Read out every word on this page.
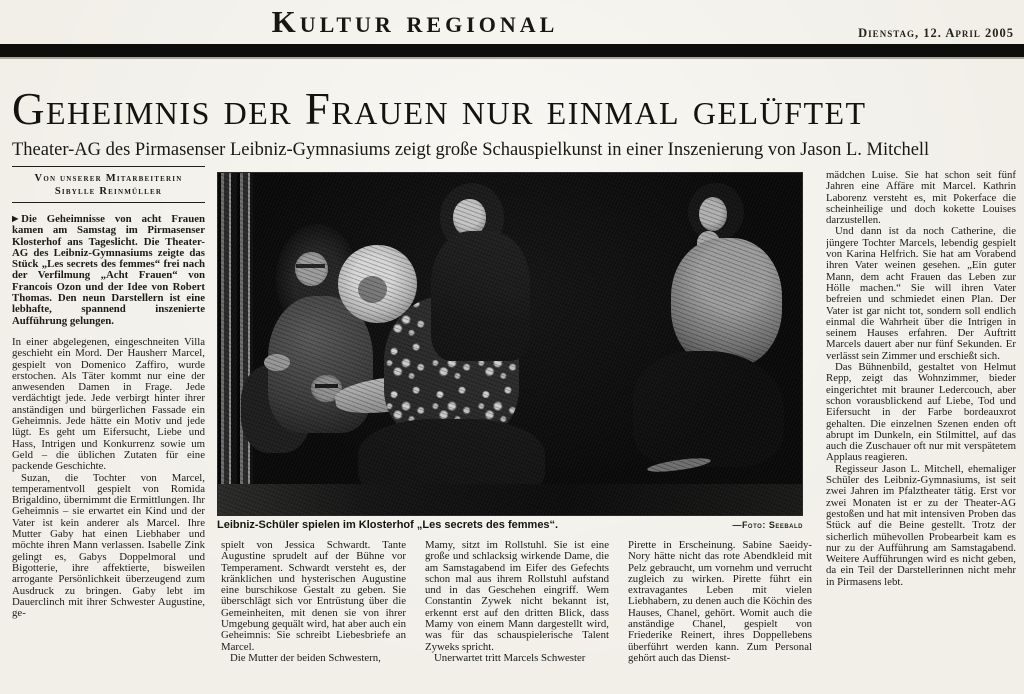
Kultur regional	Dienstag, 12. April 2005
Geheimnis der Frauen nur einmal gelüftet
Theater-AG des Pirmasenser Leibniz-Gymnasiums zeigt große Schauspielkunst in einer Inszenierung von Jason L. Mitchell
Von unserer Mitarbeiterin
Sibylle Reinmüller

▶ Die Geheimnisse von acht Frauen kamen am Samstag im Pirmasenser Klosterhof ans Tageslicht. Die Theater-AG des Leibniz-Gymnasiums zeigte das Stück „Les secrets des femmes“ frei nach der Verfilmung „Acht Frauen“ von Francois Ozon und der Idee von Robert Thomas. Den neun Darstellern ist eine lebhafte, spannend inszenierte Aufführung gelungen.

In einer abgelegenen, eingeschneiten Villa geschieht ein Mord. Der Hausherr Marcel, gespielt von Domenico Zaffiro, wurde erstochen. Als Täter kommt nur eine der anwesenden Damen in Frage. Jede verdächtigt jede. Jede verbirgt hinter ihrer anständigen und bürgerlichen Fassade ein Geheimnis. Jede hätte ein Motiv und jede lügt. Es geht um Eifersucht, Liebe und Hass, Intrigen und Konkurrenz sowie um Geld – die üblichen Zutaten für eine packende Geschichte.

Suzan, die Tochter von Marcel, temperamentvoll gespielt von Romida Brigaldino, übernimmt die Ermittlungen. Ihr Geheimnis – sie erwartet ein Kind und der Vater ist kein anderer als Marcel. Ihre Mutter Gaby hat einen Liebhaber und möchte ihren Mann verlassen. Isabelle Zink gelingt es, Gabys Doppelmoral und Bigotterie, ihre affektierte, bisweilen arrogante Persönlichkeit überzeugend zum Ausdruck zu bringen. Gaby lebt im Dauerclinch mit ihrer Schwester Augustine, ge-

Leibniz-Schüler spielen im Klosterhof „Les secrets des femmes“.	—Foto: Seebald

spielt von Jessica Schwardt. Tante Augustine sprudelt auf der Bühne vor Temperament. Schwardt versteht es, der kränklichen und hysterischen Augustine eine burschikose Gestalt zu geben. Sie überschlägt sich vor Entrüstung über die Gemeinheiten, mit denen sie von ihrer Umgebung gequält wird, hat aber auch ein Geheimnis: Sie schreibt Liebesbriefe an Marcel.

Die Mutter der beiden Schwestern,

Mamy, sitzt im Rollstuhl. Sie ist eine große und schlacksig wirkende Dame, die am Samstagabend im Eifer des Gefechts schon mal aus ihrem Rollstuhl aufstand und in das Geschehen eingriff. Wem Constantin Zywek nicht bekannt ist, erkennt erst auf den dritten Blick, dass Mamy von einem Mann dargestellt wird, was für das schauspielerische Talent Zyweks spricht.

Unerwartet tritt Marcels Schwester

Pirette in Erscheinung. Sabine Saeidy-Nory hätte nicht das rote Abendkleid mit Pelz gebraucht, um vornehm und verrucht zugleich zu wirken. Pirette führt ein extravagantes Leben mit vielen Liebhabern, zu denen auch die Köchin des Hauses, Chanel, gehört. Womit auch die anständige Chanel, gespielt von Friederike Reinert, ihres Doppellebens überführt werden kann. Zum Personal gehört auch das Dienst-

mädchen Luise. Sie hat schon seit fünf Jahren eine Affäre mit Marcel. Kathrin Laborenz versteht es, mit Pokerface die scheinheilige und doch kokette Louises darzustellen.

Und dann ist da noch Catherine, die jüngere Tochter Marcels, lebendig gespielt von Karina Helfrich. Sie hat am Vorabend ihren Vater weinen gesehen. „Ein guter Mann, dem acht Frauen das Leben zur Hölle machen.“ Sie will ihren Vater befreien und schmiedet einen Plan. Der Vater ist gar nicht tot, sondern soll endlich einmal die Wahrheit über die Intrigen in seinem Hauses erfahren. Der Auftritt Marcels dauert aber nur fünf Sekunden. Er verlässt sein Zimmer und erschießt sich.

Das Bühnenbild, gestaltet von Helmut Repp, zeigt das Wohnzimmer, bieder eingerichtet mit brauner Ledercouch, aber schon vorausblickend auf Liebe, Tod und Eifersucht in der Farbe bordeauxrot gehalten. Die einzelnen Szenen enden oft abrupt im Dunkeln, ein Stilmittel, auf das auch die Zuschauer oft nur mit verspätetem Applaus reagieren.

Regisseur Jason L. Mitchell, ehemaliger Schüler des Leibniz-Gymnasiums, ist seit zwei Jahren im Pfalztheater tätig. Erst vor zwei Monaten ist er zu der Theater-AG gestoßen und hat mit intensiven Proben das Stück auf die Beine gestellt. Trotz der sicherlich mühevollen Probearbeit kam es nur zu der Aufführung am Samstagabend. Weitere Aufführungen wird es nicht geben, da ein Teil der Darstellerinnen nicht mehr in Pirmasens lebt.
